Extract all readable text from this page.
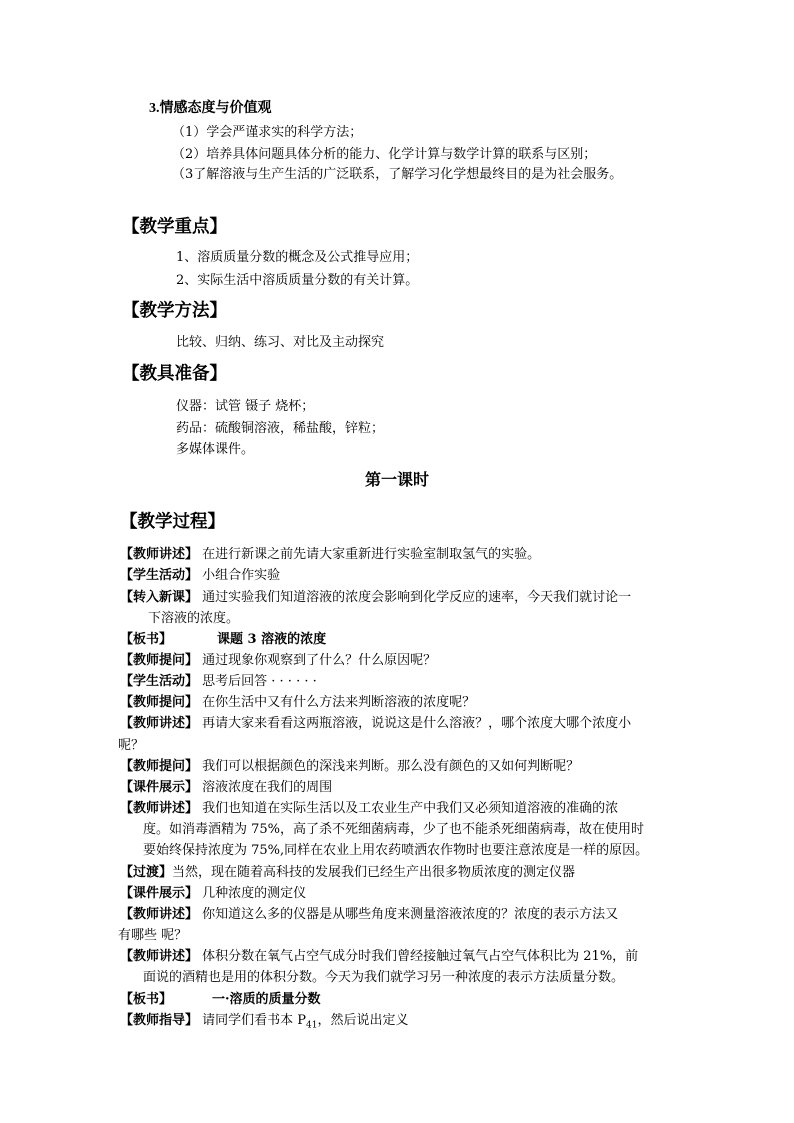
3.情感态度与价值观
（1）学会严谨求实的科学方法；
（2）培养具体问题具体分析的能力、化学计算与数学计算的联系与区别；
（3了解溶液与生产生活的广泛联系，了解学习化学想最终目的是为社会服务。
【教学重点】
1、溶质质量分数的概念及公式推导应用；
2、实际生活中溶质质量分数的有关计算。
【教学方法】
比较、归纳、练习、对比及主动探究
【教具准备】
仪器：试管 镊子 烧杯；
药品：硫酸铜溶液，稀盐酸，锌粒；
多媒体课件。
第一课时
【教学过程】
【教师讲述】 在进行新课之前先请大家重新进行实验室制取氢气的实验。
【学生活动】 小组合作实验
【转入新课】 通过实验我们知道溶液的浓度会影响到化学反应的速率，今天我们就讨论一
下溶液的浓度。
【板书】	课题 3 溶液的浓度
【教师提问】 通过现象你观察到了什么？什么原因呢？
【学生活动】 思考后回答 · · · · · ·
【教师提问】 在你生活中又有什么方法来判断溶液的浓度呢？
【教师讲述】 再请大家来看看这两瓶溶液，说说这是什么溶液？，哪个浓度大哪个浓度小
呢？
【教师提问】 我们可以根据颜色的深浅来判断。那么没有颜色的又如何判断呢？
【课件展示】 溶液浓度在我们的周围
【教师讲述】 我们也知道在实际生活以及工农业生产中我们又必须知道溶液的准确的浓
度。如消毒酒精为 75%，高了杀不死细菌病毒，少了也不能杀死细菌病毒，故在使用时
要始终保持浓度为 75%,同样在农业上用农药喷洒农作物时也要注意浓度是一样的原因。
【过渡】当然，现在随着高科技的发展我们已经生产出很多物质浓度的测定仪器
【课件展示】 几种浓度的测定仪
【教师讲述】 你知道这么多的仪器是从哪些角度来测量溶液浓度的？浓度的表示方法又
有哪些 呢？
【教师讲述】 体积分数在氧气占空气成分时我们曾经接触过氧气占空气体积比为 21%，前
面说的酒精也是用的体积分数。今天为我们就学习另一种浓度的表示方法质量分数。
【板书】	一·溶质的质量分数
【教师指导】 请同学们看书本 $P_{41}$，然后说出定义
